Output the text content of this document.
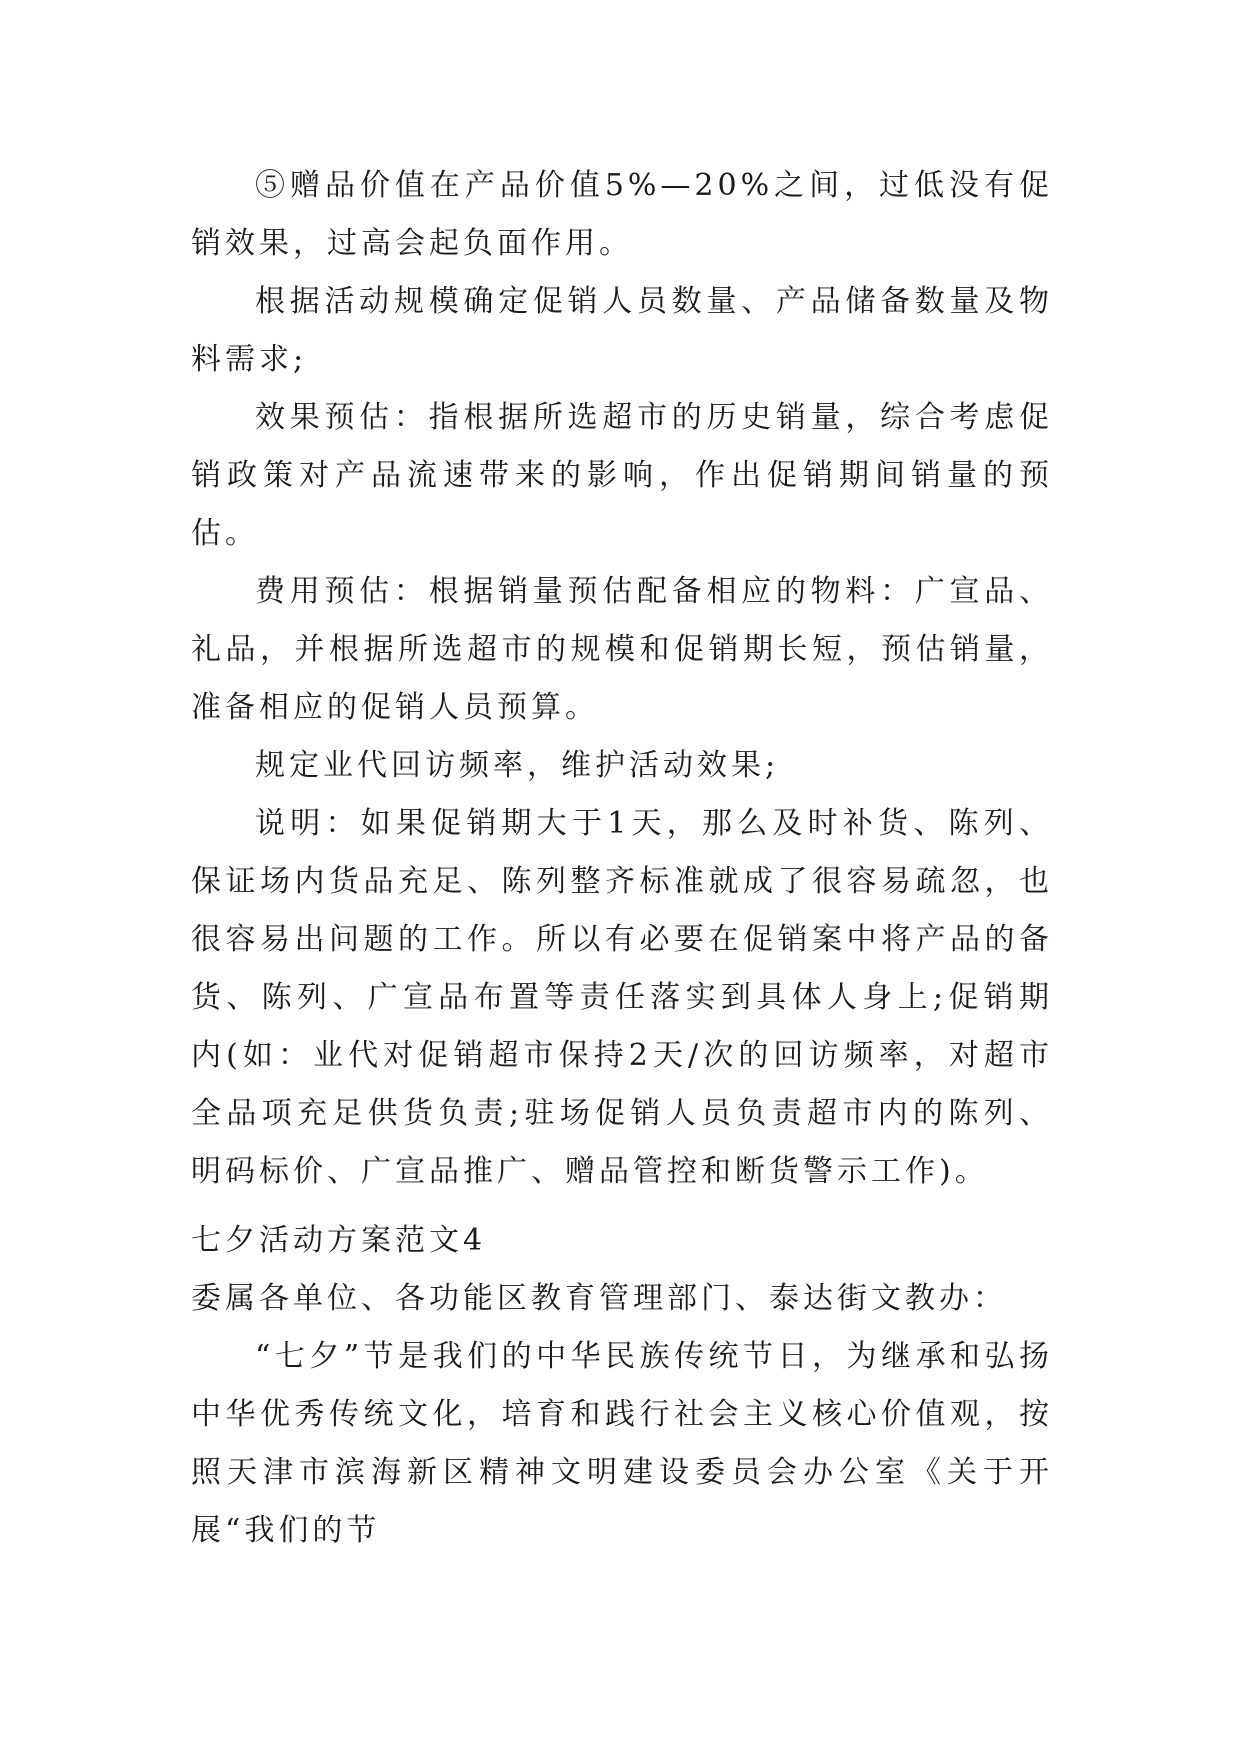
⑤赠品价值在产品价值5%—20%之间，过低没有促销效果，过高会起负面作用。

根据活动规模确定促销人员数量、产品储备数量及物料需求;

效果预估：指根据所选超市的历史销量，综合考虑促销政策对产品流速带来的影响，作出促销期间销量的预估。

费用预估：根据销量预估配备相应的物料：广宣品、礼品，并根据所选超市的规模和促销期长短，预估销量，准备相应的促销人员预算。

规定业代回访频率，维护活动效果;

说明：如果促销期大于1天，那么及时补货、陈列、保证场内货品充足、陈列整齐标准就成了很容易疏忽，也很容易出问题的工作。所以有必要在促销案中将产品的备货、陈列、广宣品布置等责任落实到具体人身上;促销期内(如：业代对促销超市保持2天/次的回访频率，对超市全品项充足供货负责;驻场促销人员负责超市内的陈列、明码标价、广宣品推广、赠品管控和断货警示工作)。

七夕活动方案范文4

委属各单位、各功能区教育管理部门、泰达街文教办：

“七夕”节是我们的中华民族传统节日，为继承和弘扬中华优秀传统文化，培育和践行社会主义核心价值观，按照天津市滨海新区精神文明建设委员会办公室《关于开展“我们的节
